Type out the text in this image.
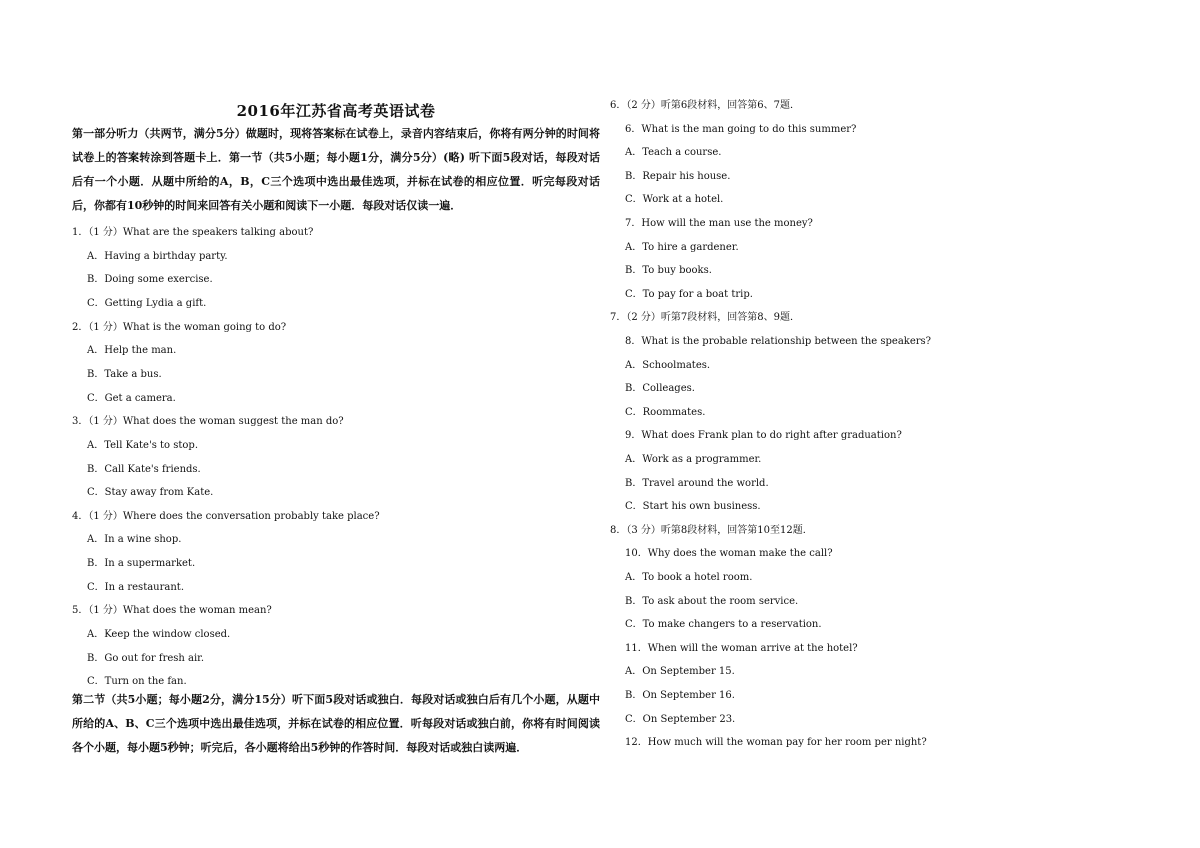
2016年江苏省高考英语试卷
第一部分听力（共两节，满分5分）做题时，现将答案标在试卷上，录音内容结束后，你将有两分钟的时间将试卷上的答案转涂到答题卡上．第一节（共5小题；每小题1分，满分5分）(略) 听下面5段对话，每段对话后有一个小题．从题中所给的A，B，C三个选项中选出最佳选项，并标在试卷的相应位置．听完每段对话后，你都有10秒钟的时间来回答有关小题和阅读下一小题．每段对话仅读一遍．
1．（1 分）What are the speakers talking about?
A．Having a birthday party.
B．Doing some exercise.
C．Getting Lydia a gift.
2．（1 分）What is the woman going to do?
A．Help the man.
B．Take a bus.
C．Get a camera.
3．（1 分）What does the woman suggest the man do?
A．Tell Kate's to stop.
B．Call Kate's friends.
C．Stay away from Kate.
4．（1 分）Where does the conversation probably take place?
A．In a wine shop.
B．In a supermarket.
C．In a restaurant.
5．（1 分）What does the woman mean?
A．Keep the window closed.
B．Go out for fresh air.
C．Turn on the fan.
第二节（共5小题；每小题2分，满分15分）听下面5段对话或独白．每段对话或独白后有几个小题，从题中所给的A、B、C三个选项中选出最佳选项，并标在试卷的相应位置．听每段对话或独白前，你将有时间阅读各个小题，每小题5秒钟；听完后，各小题将给出5秒钟的作答时间．每段对话或独白读两遍．
6．（2 分）听第6段材料，回答第6、7题．
6．What is the man going to do this summer?
A．Teach a course.
B．Repair his house.
C．Work at a hotel.
7．How will the man use the money?
A．To hire a gardener.
B．To buy books.
C．To pay for a boat trip.
7．（2 分）听第7段材料，回答第8、9题．
8．What is the probable relationship between the speakers?
A．Schoolmates.
B．Colleages.
C．Roommates.
9．What does Frank plan to do right after graduation?
A．Work as a programmer.
B．Travel around the world.
C．Start his own business.
8．（3 分）听第8段材料，回答第10至12题．
10．Why does the woman make the call?
A．To book a hotel room.
B．To ask about the room service.
C．To make changers to a reservation.
11．When will the woman arrive at the hotel?
A．On September 15.
B．On September 16.
C．On September 23.
12．How much will the woman pay for her room per night?
